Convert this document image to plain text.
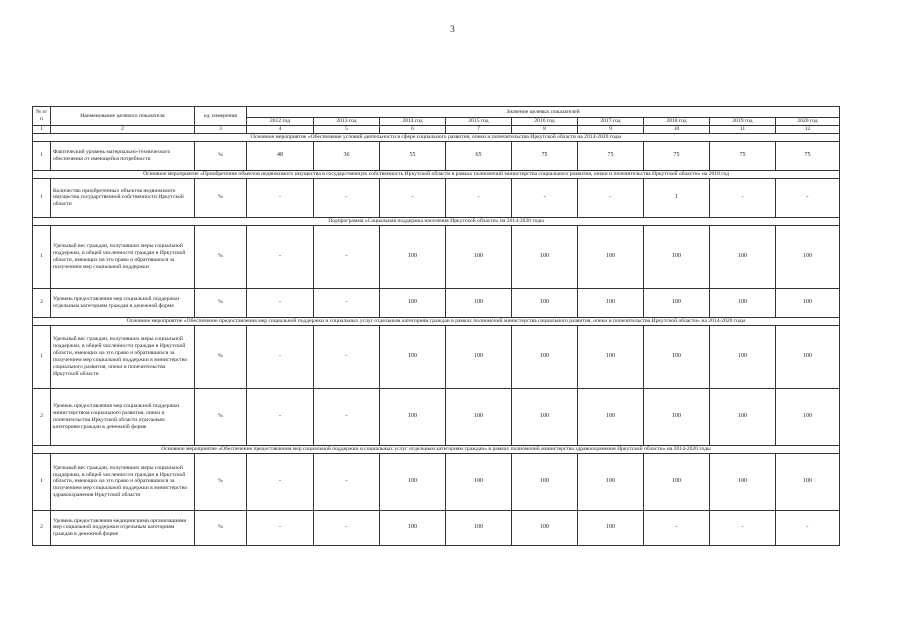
3
№ п/п	Наименование целевого показателя	ед. измерения	Значение целевых показателей								
			2012 год	2013 год	2014 год	2015 год	2016 год	2017 год	2018 год	2019 год	2020 год
1	2	3	4	5	6	7	8	9	10	11	12
Основное мероприятие «Обеспечение условий деятельности в сфере социального развития, опеки и попечительства Иркутской области на 2014-2020 годы											
1	Фактический уровень материально-технического обеспечения от имеющейся потребности	%	48	36	55	65	75	75	75	75	75
Основное мероприятие «Приобретение объектов недвижимого имущества в государственную собственность Иркутской области в рамках полномочий министерства социального развития, опеки и попечительства Иркутской области» на 2018 год											
1	Количество приобретенных объектов недвижимого имущества государственной собственности Иркутской области	%	-	-	-	-	-	-	1	-	-
Подпрограмма «Социальная поддержка населения Иркутской области» на 2014-2020 годы											
1	Удельный вес граждан, получивших меры социальной поддержки, в общей численности граждан в Иркутской области, имеющих на это право и обратившихся за получением мер социальной поддержки	%	-	-	100	100	100	100	100	100	100
2	Уровень предоставления мер социальной поддержки отдельным категориям граждан в денежной форме	%	-	-	100	100	100	100	100	100	100
Основное мероприятие «Обеспечение предоставления мер социальной поддержки и социальных услуг отдельным категориям граждан в рамках полномочий министерства социального развития, опеки и попечительства Иркутской области» на 2014-2020 годы											
1	Удельный вес граждан, получивших меры социальной поддержки, в общей численности граждан в Иркутской области, имеющих на это право и обратившихся за получением мер социальной поддержки в министерство социального развития, опеки и попечительства Иркутской области	%	-	-	100	100	100	100	100	100	100
2	Уровень предоставления мер социальной поддержки министерством социального развития, опеки и попечительства Иркутской области отдельным категориям граждан в денежной форме	%	-	-	100	100	100	100	100	100	100
Основное мероприятие «Обеспечение предоставления мер социальной поддержки и социальных услуг отдельным категориям граждан» в рамках полномочий министерства здравоохранения Иркутской области» на 2014-2020 годы											
1	Удельный вес граждан, получивших меры социальной поддержки, в общей численности граждан в Иркутской области, имеющих на это право и обратившихся за получением мер социальной поддержки в министерство здравоохранения Иркутской области	%	-	-	100	100	100	100	100	100	100
2	Уровень предоставления медицинскими организациями мер социальной поддержки отдельным категориям граждан в денежной форме	%	-	-	100	100	100	100	-	-	-
